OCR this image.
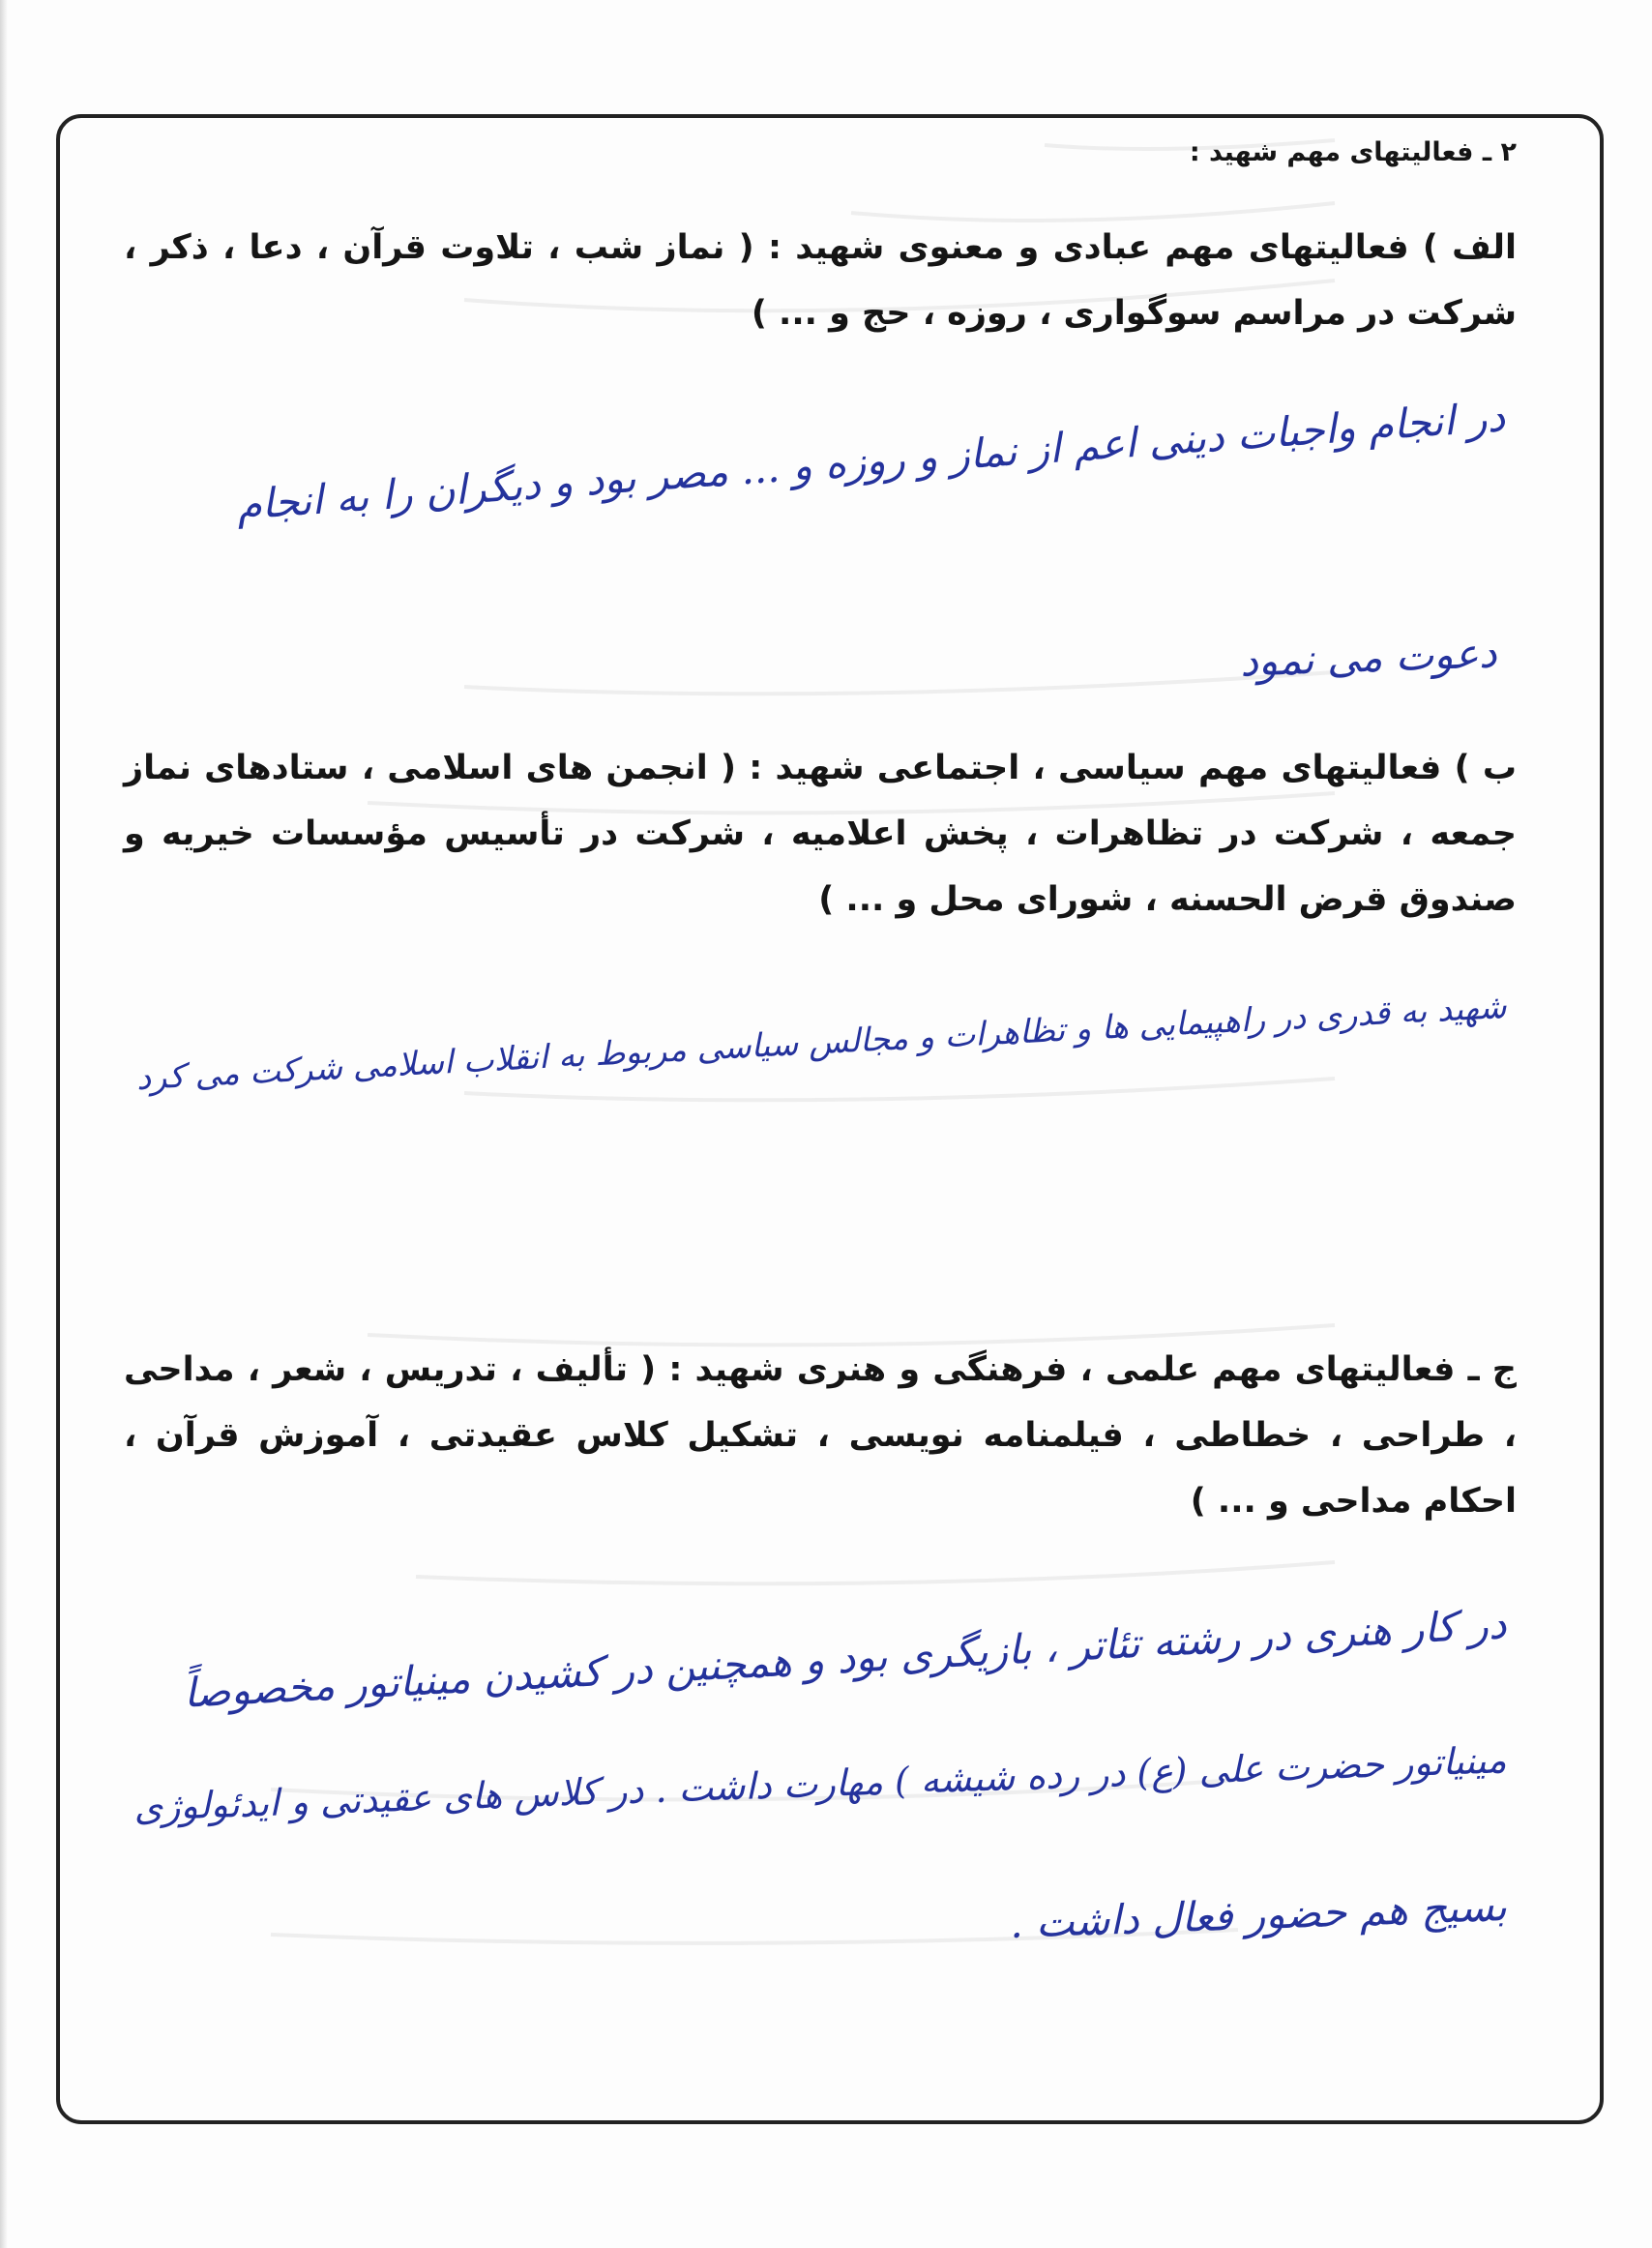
۲ ـ فعالیتهای مهم شهید :
الف ) فعالیتهای مهم عبادی و معنوی شهید : ( نماز شب ، تلاوت قرآن ، دعا ، ذکر ، شرکت در مراسم سوگواری ، روزه ، حج و ... )
در انجام واجبات دینی اعم از نماز و روزه و ... مصر بود و دیگران را به انجام
دعوت می نمود
ب ) فعالیتهای مهم سیاسی ، اجتماعی شهید : ( انجمن های اسلامی ، ستادهای نماز جمعه ، شرکت در تظاهرات ، پخش اعلامیه ، شرکت در تأسیس مؤسسات خیریه و صندوق قرض الحسنه ، شورای محل و ... )
شهید به قدری در راهپیمایی ها و تظاهرات و مجالس سیاسی مربوط به انقلاب اسلامی شرکت می کرد
ج ـ فعالیتهای مهم علمی ، فرهنگی و هنری شهید : ( تألیف ، تدریس ، شعر ، مداحی ، طراحی ، خطاطی ، فیلمنامه نویسی ، تشکیل کلاس عقیدتی ، آموزش قرآن ، احکام مداحی و ... )
در کار هنری در رشته تئاتر ، بازیگری بود و همچنین در کشیدن مینیاتور مخصوصاً
مینیاتور حضرت علی (ع) در رده شیشه ) مهارت داشت . در کلاس های عقیدتی و ایدئولوژی
بسیج هم حضور فعال داشت .
